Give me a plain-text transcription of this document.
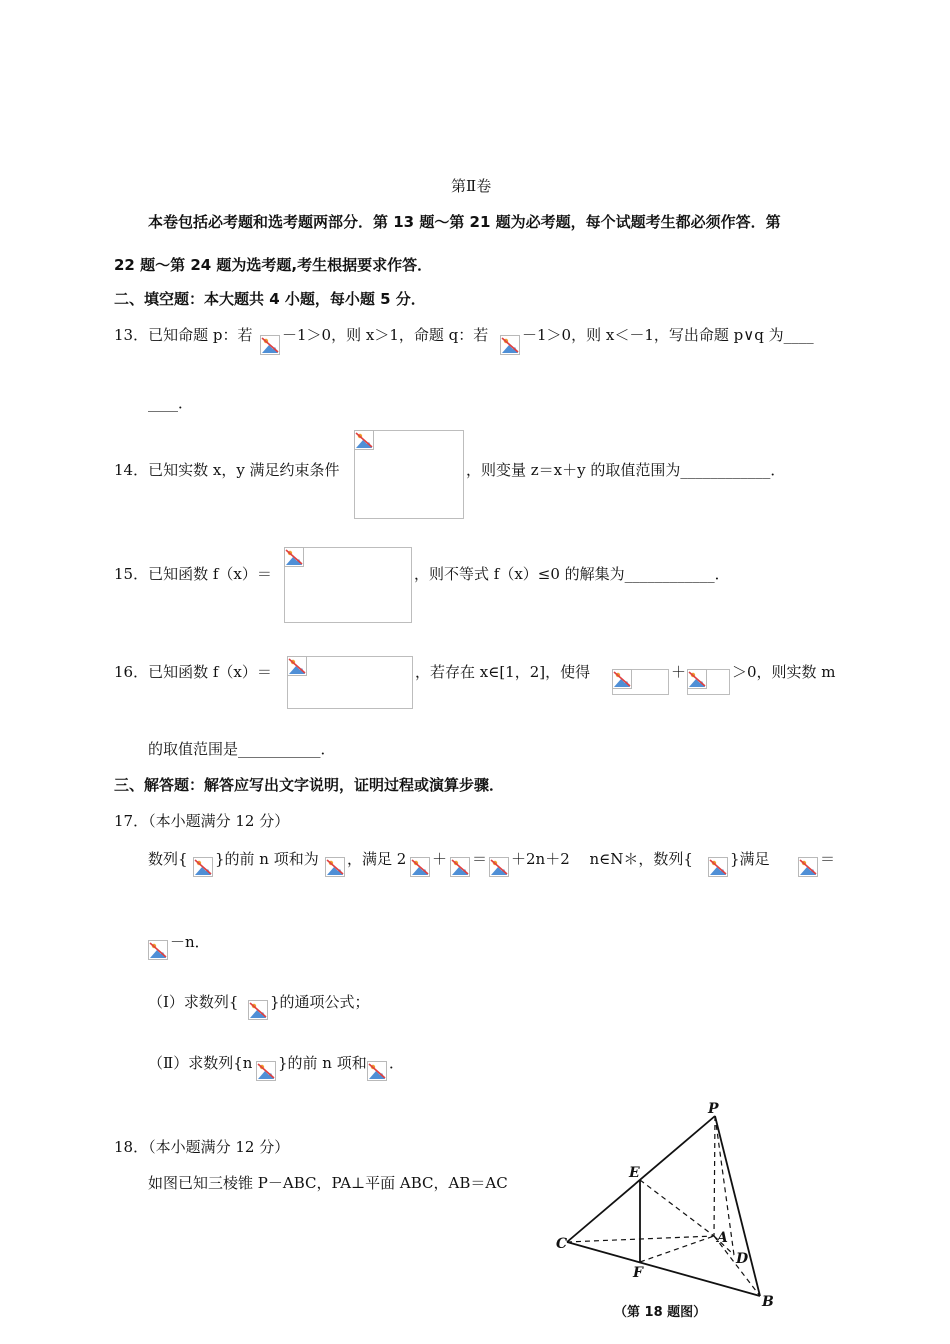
第Ⅱ卷
本卷包括必考题和选考题两部分．第 13 题～第 21 题为必考题，每个试题考生都必须作答．第
22 题～第 24 题为选考题,考生根据要求作答．
二、填空题：本大题共 4 小题，每小题 5 分．
13．已知命题 p：若 －1＞0，则 x＞1，命题 q：若 －1＞0，则 x＜－1，写出命题 p∨q 为____
____．
14．已知实数 x，y 满足约束条件	，则变量 z＝x＋y 的取值范围为____________．
15．已知函数 f（x）＝	，则不等式 f（x）≤0 的解集为____________．
16．已知函数 f（x）＝	，若存在 x∈[1，2]，使得	＋	＞0，则实数 m
的取值范围是___________．
三、解答题：解答应写出文字说明，证明过程或演算步骤．
17．（本小题满分 12 分）
数列{ }的前 n 项和为 ，满足 2 ＋ ＝ ＋2n＋2　 n∈N＊，数列{ }满足	＝
－n．
（Ⅰ）求数列{ }的通项公式；
（Ⅱ）求数列{n }的前 n 项和 ．
18．（本小题满分 12 分）
如图已知三棱锥 P－ABC，PA⊥平面 ABC，AB＝AC
P
E
C	A
D
F
B
（第 18 题图）
